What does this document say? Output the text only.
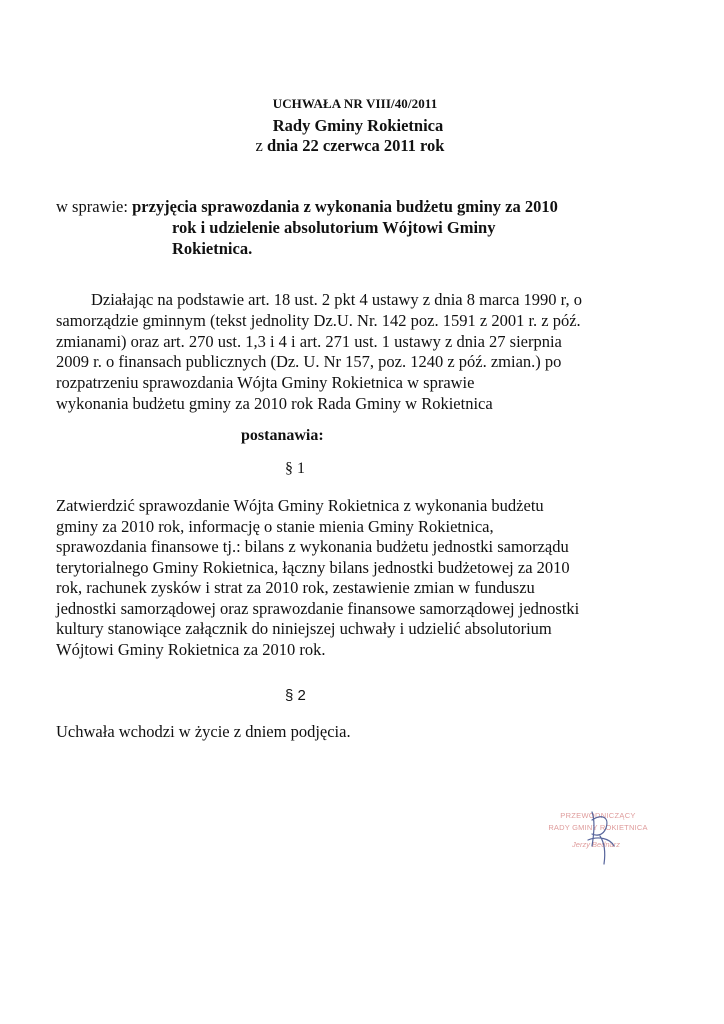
UCHWAŁA NR VIII/40/2011
Rady Gminy Rokietnica
z dnia 22 czerwca 2011 rok
w sprawie: przyjęcia sprawozdania z wykonania budżetu gminy za 2010
rok i udzielenie absolutorium Wójtowi Gminy
Rokietnica.
Działając na podstawie art. 18 ust. 2 pkt 4 ustawy z dnia 8 marca 1990 r, o
samorządzie gminnym (tekst jednolity Dz.U. Nr. 142 poz. 1591 z 2001 r. z póź.
zmianami) oraz art. 270 ust. 1,3 i 4 i art. 271 ust. 1 ustawy z dnia 27 sierpnia
2009 r. o finansach publicznych (Dz. U. Nr 157, poz. 1240 z póź. zmian.) po
rozpatrzeniu sprawozdania Wójta Gminy Rokietnica w sprawie
wykonania budżetu gminy za 2010 rok Rada Gminy w Rokietnica
postanawia:
§ 1
Zatwierdzić sprawozdanie Wójta Gminy Rokietnica z wykonania budżetu
gminy za 2010 rok, informację o stanie mienia Gminy Rokietnica,
sprawozdania finansowe tj.: bilans z wykonania budżetu jednostki samorządu
terytorialnego Gminy Rokietnica, łączny bilans jednostki budżetowej za 2010
rok, rachunek zysków i strat za 2010 rok, zestawienie zmian w funduszu
jednostki samorządowej oraz sprawozdanie finansowe samorządowej jednostki
kultury stanowiące załącznik do niniejszej uchwały i udzielić absolutorium
Wójtowi Gminy Rokietnica za 2010 rok.
§ 2
Uchwała wchodzi w życie z dniem podjęcia.
PRZEWODNICZĄCY
RADY GMINY ROKIETNICA
Jerzy Bednarz
